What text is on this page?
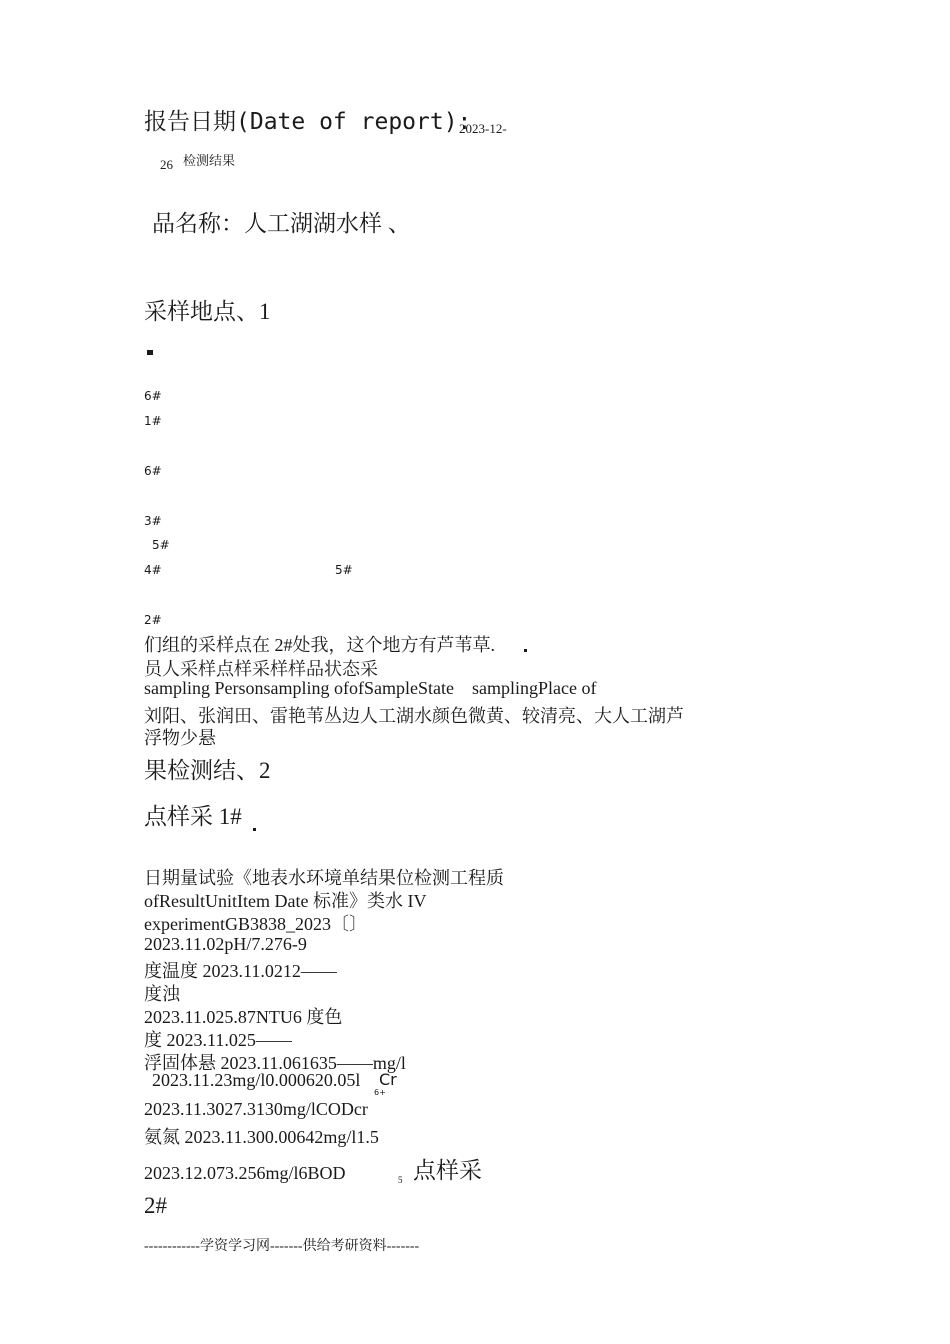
报告日期(Date of report):
2023-12-
26 检测结果
品名称：人工湖湖水样 、
采样地点、1
6#
1#
6#
3#
5#
4#	5#
2#
们组的采样点在 2#处我，这个地方有芦苇草.
员人采样点样采样样品状态采
sampling Personsampling ofofSampleState    samplingPlace of
刘阳、张润田、雷艳苇丛边人工湖水颜色微黄、较清亮、大人工湖芦
浮物少悬
果检测结、2
点样采 1#
日期量试验《地表水环境单结果位检测工程质
ofResultUnitItem Date 标准》类水 IV
experimentGB3838_2023〔〕
2023.11.02pH/7.276-9
度温度 2023.11.0212——
度浊
2023.11.025.87NTU6 度色
度 2023.11.025——
浮固体悬 2023.11.061635——mg/l
2023.11.23mg/l0.000620.05l Cr
6+
2023.11.3027.3130mg/lCODcr
氨氮 2023.11.300.00642mg/l1.5
2023.12.073.256mg/l6BOD	5 点样采
2#
------------学资学习网-------供给考研资料-------
